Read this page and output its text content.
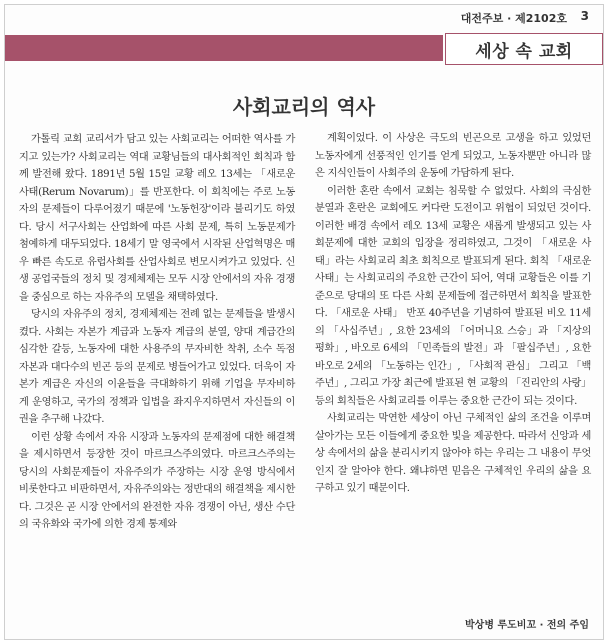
대전주보 · 제2102호 3
세상 속 교회
사회교리의 역사

가톨릭 교회 교리서가 담고 있는 사회교리는 어떠한 역사를 가지고 있는가? 사회교리는 역대 교황님들의 대사회적인 회칙과 함께 발전해 왔다. 1891년 5월 15일 교황 레오 13세는 「새로운 사태(Rerum Novarum)」를 반포한다. 이 회칙에는 주로 노동자의 문제들이 다루어졌기 때문에 '노동헌장'이라 불리기도 하였다. 당시 서구사회는 산업화에 따른 사회 문제, 특히 노동문제가 첨예하게 대두되었다. 18세기 말 영국에서 시작된 산업혁명은 매우 빠른 속도로 유럽사회를 산업사회로 변모시켜가고 있었다. 신생 공업국들의 정치 및 경제체제는 모두 시장 안에서의 자유 경쟁을 중심으로 하는 자유주의 모델을 채택하였다.

당시의 자유주의 정치, 경제체제는 전례 없는 문제들을 발생시켰다. 사회는 자본가 계급과 노동자 계급의 분열, 양대 계급간의 심각한 갈등, 노동자에 대한 사용주의 무자비한 착취, 소수 독점 자본과 대다수의 빈곤 등의 문제로 병들어가고 있었다. 더욱이 자본가 계급은 자신의 이윤들을 극대화하기 위해 기업을 무자비하게 운영하고, 국가의 정책과 입법을 좌지우지하면서 자신들의 이권을 추구해 나갔다.

이런 상황 속에서 자유 시장과 노동자의 문제점에 대한 해결책을 제시하면서 등장한 것이 마르크스주의였다. 마르크스주의는 당시의 사회문제들이 자유주의가 주장하는 시장 운영 방식에서 비롯한다고 비판하면서, 자유주의와는 정반대의 해결책을 제시한다. 그것은 곧 시장 안에서의 완전한 자유 경쟁이 아닌, 생산 수단의 국유화와 국가에 의한 경제 통제와

계획이었다. 이 사상은 극도의 빈곤으로 고생을 하고 있었던 노동자에게 선풍적인 인기를 얻게 되었고, 노동자뿐만 아니라 많은 지식인들이 사회주의 운동에 가담하게 된다.

이러한 혼란 속에서 교회는 침묵할 수 없었다. 사회의 극심한 분열과 혼란은 교회에도 커다란 도전이고 위협이 되었던 것이다. 이러한 배경 속에서 레오 13세 교황은 새롭게 발생되고 있는 사회문제에 대한 교회의 입장을 정리하였고, 그것이 「새로운 사태」라는 사회교리 최초 회칙으로 발표되게 된다. 회칙 「새로운 사태」는 사회교리의 주요한 근간이 되어, 역대 교황들은 이를 기준으로 당대의 또 다른 사회 문제들에 접근하면서 회칙을 발표한다. 「새로운 사태」 반포 40주년을 기념하여 발표된 비오 11세의 「사십주년」, 요한 23세의 「어머니요 스승」과 「지상의 평화」, 바오로 6세의 「민족들의 발전」과 「팔십주년」, 요한 바오로 2세의 「노동하는 인간」, 「사회적 관심」 그리고 「백주년」, 그리고 가장 최근에 발표된 현 교황의 「진리안의 사랑」 등의 회칙들은 사회교리를 이루는 중요한 근간이 되는 것이다.

사회교리는 막연한 세상이 아닌 구체적인 삶의 조건을 이루며 살아가는 모든 이들에게 중요한 빛을 제공한다. 따라서 신앙과 세상 속에서의 삶을 분리시키지 않아야 하는 우리는 그 내용이 무엇인지 잘 알아야 한다. 왜냐하면 믿음은 구체적인 우리의 삶을 요구하고 있기 때문이다.

박상병 루도비꼬 · 전의 주임
